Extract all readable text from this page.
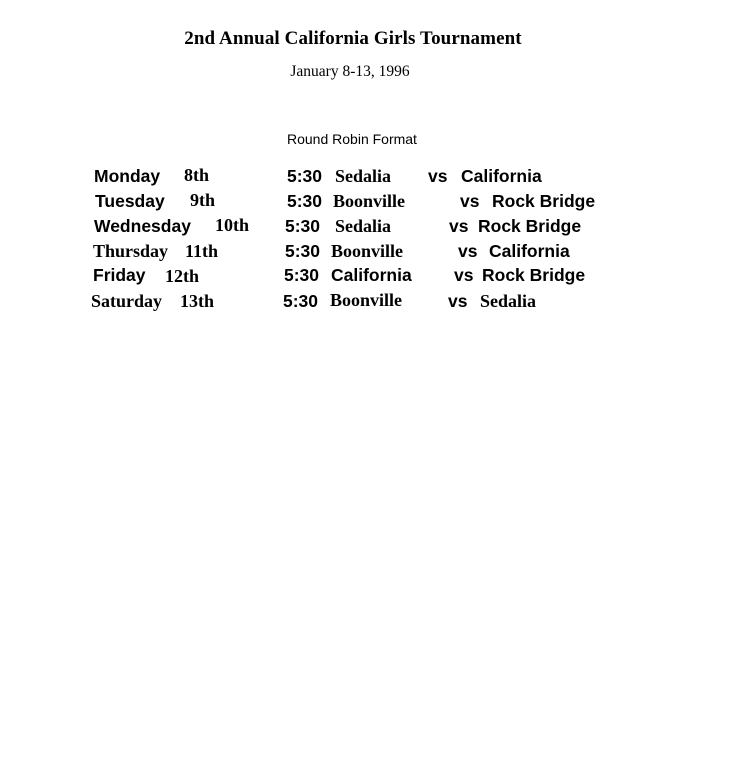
2nd Annual California Girls Tournament
January 8-13, 1996
Round Robin Format
Monday 8th	5:30 Sedalia vs California
Tuesday 9th	5:30 Boonville	vs Rock Bridge
Wednesday 10th 5:30 Sedalia	vs Rock Bridge
Thursday 11th	5:30 Boonville	vs California
Friday 12th	5:30 California vs Rock Bridge
Saturday 13th	5:30 Boonville	vs Sedalia
